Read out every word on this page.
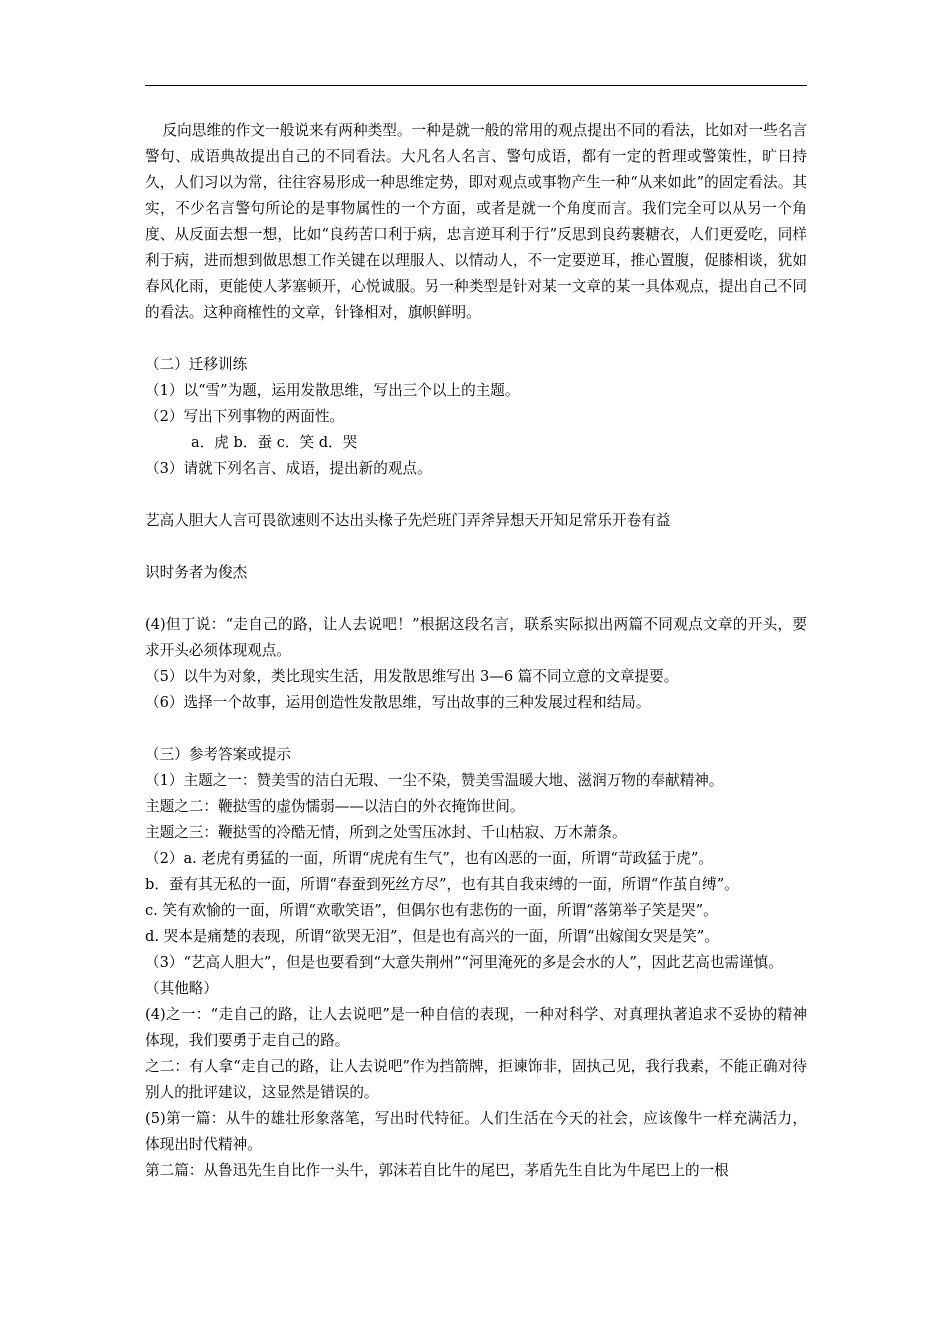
反向思维的作文一般说来有两种类型。一种是就一般的常用的观点提出不同的看法，比如对一些名言警句、成语典故提出自己的不同看法。大凡名人名言、警句成语，都有一定的哲理或警策性，旷日持久，人们习以为常，往往容易形成一种思维定势，即对观点或事物产生一种“从来如此”的固定看法。其实，不少名言警句所论的是事物属性的一个方面，或者是就一个角度而言。我们完全可以从另一个角度、从反面去想一想，比如“良药苦口利于病，忠言逆耳利于行”反思到良药裹糖衣，人们更爱吃，同样利于病，进而想到做思想工作关键在以理服人、以情动人，不一定要逆耳，推心置腹，促膝相谈，犹如春风化雨，更能使人茅塞顿开，心悦诚服。另一种类型是针对某一文章的某一具体观点，提出自己不同的看法。这种商榷性的文章，针锋相对，旗帜鲜明。

（二）迁移训练

（1）以“雪”为题，运用发散思维，写出三个以上的主题。

（2）写出下列事物的两面性。

a．虎 b．蚕 c．笑 d．哭

（3）请就下列名言、成语，提出新的观点。

艺高人胆大人言可畏欲速则不达出头椽子先烂班门弄斧异想天开知足常乐开卷有益

识时务者为俊杰

(4)但丁说：“走自己的路，让人去说吧！”根据这段名言，联系实际拟出两篇不同观点文章的开头，要求开头必须体现观点。

（5）以牛为对象，类比现实生活，用发散思维写出 3—6 篇不同立意的文章提要。

（6）选择一个故事，运用创造性发散思维，写出故事的三种发展过程和结局。

（三）参考答案或提示

（1）主题之一：赞美雪的洁白无瑕、一尘不染，赞美雪温暖大地、滋润万物的奉献精神。

主题之二：鞭挞雪的虚伪懦弱——以洁白的外衣掩饰世间。

主题之三：鞭挞雪的冷酷无情，所到之处雪压冰封、千山枯寂、万木萧条。

（2）a. 老虎有勇猛的一面，所谓“虎虎有生气”，也有凶恶的一面，所谓“苛政猛于虎”。

b．蚕有其无私的一面，所谓“春蚕到死丝方尽”，也有其自我束缚的一面，所谓“作茧自缚”。

c. 笑有欢愉的一面，所谓“欢歌笑语”，但偶尔也有悲伤的一面，所谓“落第举子笑是哭”。

d. 哭本是痛楚的表现，所谓“欲哭无泪”，但是也有高兴的一面，所谓“出嫁闺女哭是笑”。

（3）“艺高人胆大”，但是也要看到“大意失荆州”“河里淹死的多是会水的人”，因此艺高也需谨慎。

（其他略）

(4)之一：“走自己的路，让人去说吧”是一种自信的表现，一种对科学、对真理执著追求不妥协的精神体现，我们要勇于走自己的路。

之二：有人拿“走自己的路，让人去说吧”作为挡箭牌，拒谏饰非，固执己见，我行我素，不能正确对待别人的批评建议，这显然是错误的。

(5)第一篇：从牛的雄壮形象落笔，写出时代特征。人们生活在今天的社会，应该像牛一样充满活力，体现出时代精神。

第二篇：从鲁迅先生自比作一头牛，郭沫若自比牛的尾巴，茅盾先生自比为牛尾巴上的一根
